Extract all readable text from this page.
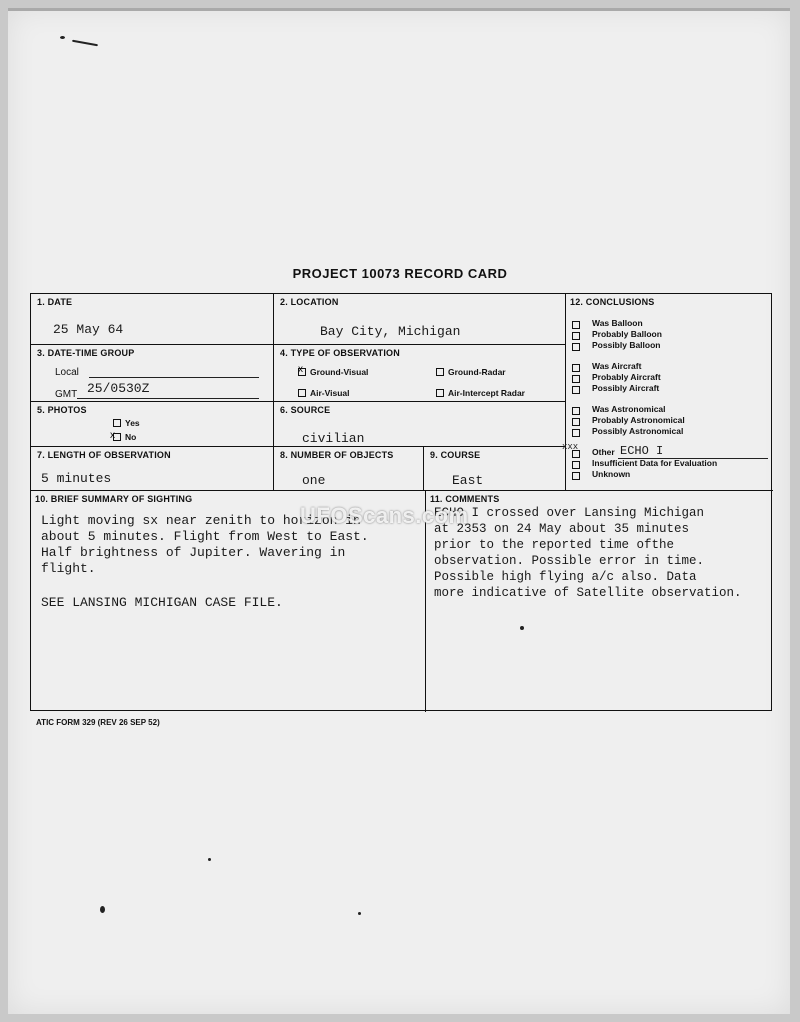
PROJECT 10073 RECORD CARD
1. DATE
25 May 64
2. LOCATION
Bay City, Michigan
3. DATE-TIME GROUP
Local
GMT 25/0530Z
4. TYPE OF OBSERVATION
x Ground-Visual	Ground-Radar
Air-Visual	Air-Intercept Radar
5. PHOTOS
Yes
x No
6. SOURCE
civilian
7. LENGTH OF OBSERVATION
5 minutes
8. NUMBER OF OBJECTS
one
9. COURSE
East
12. CONCLUSIONS
10. BRIEF SUMMARY OF SIGHTING
Light moving sx near zenith to horizon in
about 5 minutes. Flight from West to East.
Half brightness of Jupiter. Wavering in
flight.
SEE LANSING MICHIGAN CASE FILE.
11. COMMENTS
ECHO I crossed over Lansing Michigan
at 2353 on 24 May about 35 minutes
prior to the reported time ofthe
observation. Possible error in time.
Possible high flying a/c also. Data
more indicative of Satellite observation.
Was Balloon
Probably Balloon
Possibly Balloon
Was Aircraft
Probably Aircraft
Possibly Aircraft
Was Astronomical
Probably Astronomical
Possibly Astronomical
Other
xxx	ECHO I
Insufficient Data for Evaluation
Unknown
UFOScans.com
ATIC FORM 329 (REV 26 SEP 52)
